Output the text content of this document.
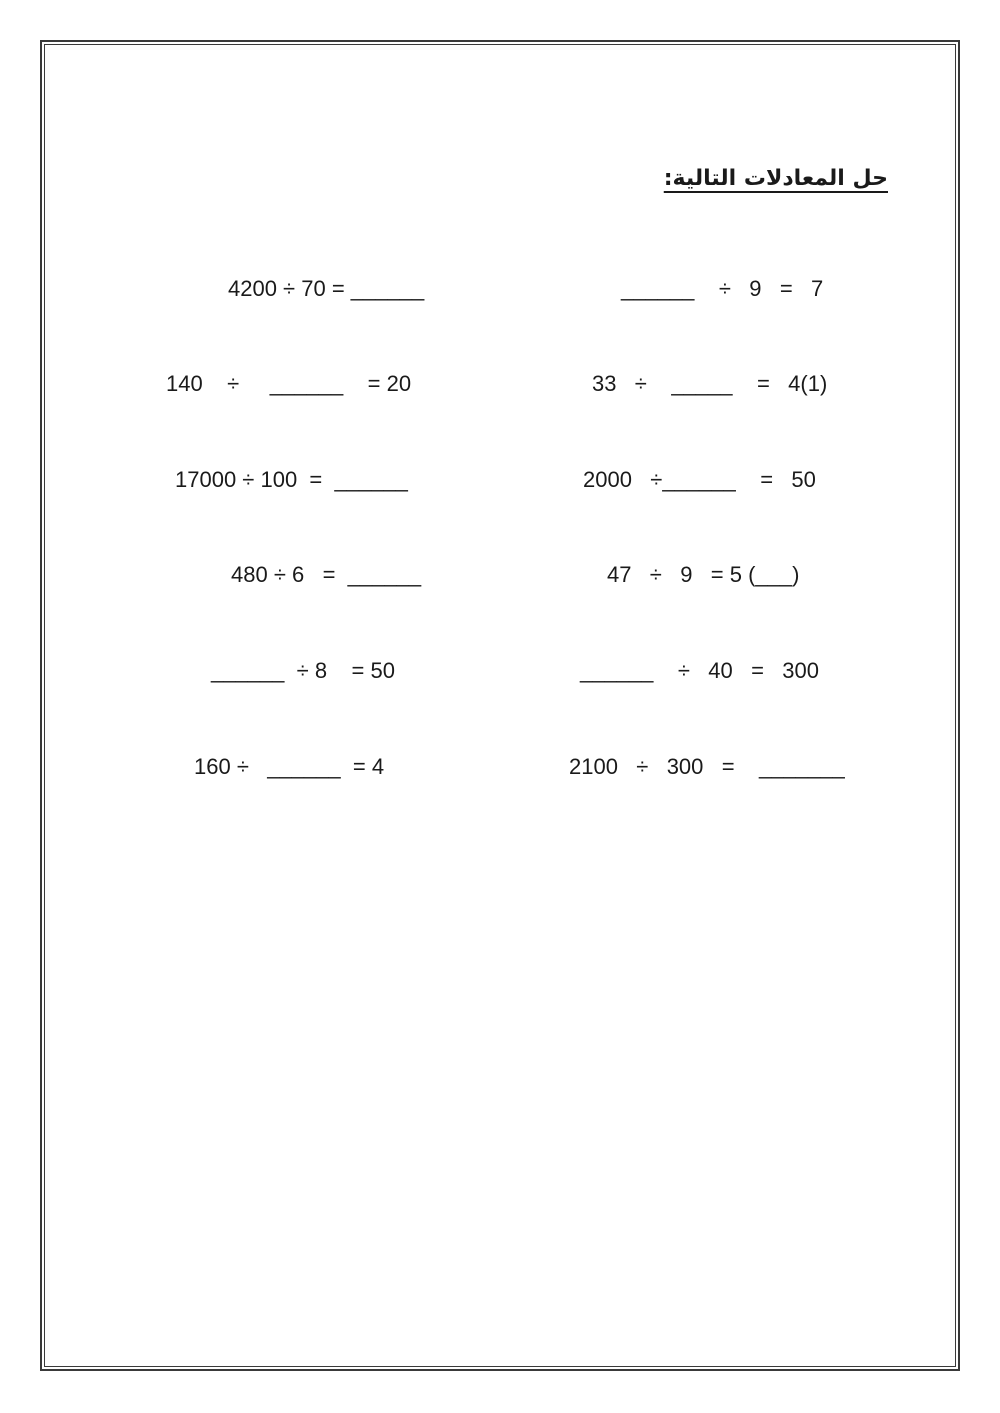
حل المعادلات التالية:
4200 ÷ 70 = ______
140    ÷     ______    = 20
17000 ÷ 100  =  ______
480 ÷ 6   =  ______
______  ÷ 8    = 50
160 ÷   ______  = 4
______    ÷   9   =   7
33   ÷    _____    =   4(1)
2000   ÷______    =   50
47   ÷   9   = 5 (___)
______    ÷   40   =   300
2100   ÷   300   =    _______
